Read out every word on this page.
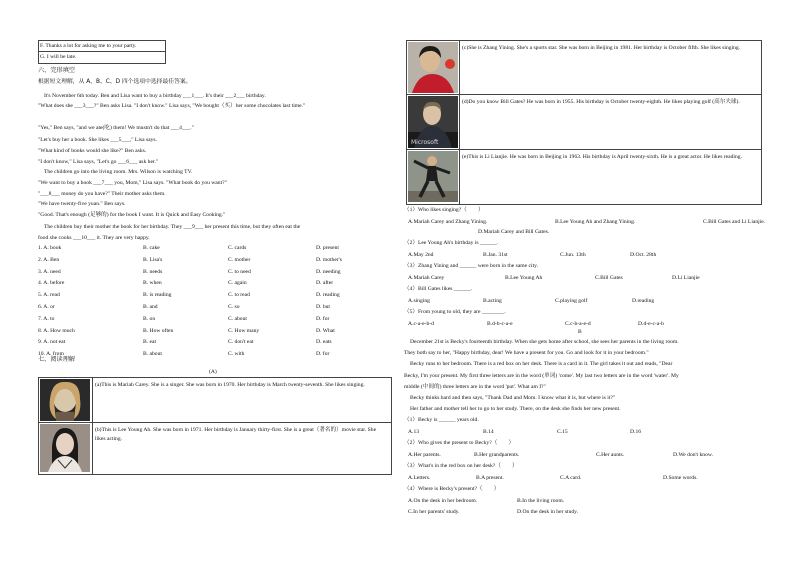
F. Thanks a lot for asking me to your party.
G. I will be late.
六、完形填空
根据短文理解，从 A、B、C、D 四个选项中选择最佳答案。
It's November 6th today. Ben and Lisa want to buy a birthday ___1___. It's their ___2___ birthday.
"What does she ___3___?" Ben asks Lisa. "I don't know." Lisa says, "We bought（买）her some chocolates last time."
"Yes," Ben says, "and we ate(吃) them! We mustn't do that ___4___."
"Let's buy her a book. She likes ___5___," Lisa says.
"What kind of books would she like?" Ben asks.
"I don't know," Lisa says, "Let's go ___6___ ask her."
The children go into the living room. Mrs. Wilson is watching TV.
"We want to buy a book ___7___ you, Mom," Lisa says. "What book do you want?"
"___8___ money do you have?" Their mother asks them.
"We have twenty-five yuan." Ben says.
"Good. That's enough (足够的) for the book I want. It is Quick and Easy Cooking."
The children buy their mother the book for her birthday. They ___9___ her present this time, but they often eat the
food she cooks ___10___ it. They are very happy.
1. A. book	B. cake	C. cards	D. present
2. A. Ben	B. Lisa's	C. mother	D. mother's
3. A. need	B. needs	C. to need	D. needing
4. A. before	B. when	C. again	D. after
5. A. read	B. is reading	C. to read	D. reading
6. A. or	B. and	C. so	D. but
7. A. to	B. on	C. about	D. for
8. A. How much	B. How often	C. How many	D. What
9. A. not eat	B. eat	C. don't eat	D. eats
10. A. from	B. about	C. with	D. for
七、阅读理解
(A)
(a)This is Mariah Carey. She is a singer. She was born in 1970. Her birthday is March twenty-seventh. She likes singing.
(b)This is Lee Young Ah. She was born in 1971. Her birthday is January thirty-first. She is a great（著名的）movie star. She likes acting.
Microsoft
(c)She is Zhang Yining. She's a sports star. She was born in Beijing in 1981. Her birthday is October fifth. She likes singing.
(d)Do you know Bill Gates? He was born in 1955. His birthday is October twenty-eighth. He likes playing golf (高尔夫球).
(e)This is Li Lianjie. He was born in Beijing in 1963. His birthday is April twenty-sixth. He is a great actor. He likes reading.
（1）Who likes singing?（　　）
A.Mariah Carey and Zhang Yining.	B.Lee Young Ah and Zhang Yining.	C.Bill Gates and Li Lianjie.
D.Mariah Carey and Bill Gates.
（2）Lee Young Ah's birthday is ______.
A.May 2nd	B.Jan. 31st	C.Jun. 13th	D.Oct. 28th
（3）Zhang Yining and ______ were born in the same city.
A.Mariah Carey	B.Lee Young Ah	C.Bill Gates	D.Li Lianjie
（4）Bill Gates likes ______.
A.singing	B.acting	C.playing golf	D.reading
（5）From young to old, they are ________.
A.c-a-e-b-d	B.d-b-c-a-e	C.c-b-a-e-d	D.d-e-c-a-b
B
December 21st is Becky's fourteenth birthday. When she gets home after school, she sees her parents in the living room.
They both say to her, "Happy birthday, dear! We have a present for you. Go and look for it in your bedroom."
Becky runs to her bedroom. There is a red box on her desk. There is a card in it. The girl takes it out and reads, "Dear
Becky, I'm your present. My first three letters are in the word (单词) 'come'. My last two letters are in the word 'water'. My
middle (中间的) three letters are in the word 'put'. What am I?"
Becky thinks hard and then says, "Thank Dad and Mom. I know what it is, but where is it?"
Her father and mother tell her to go to her study. There, on the desk she finds her new present.
（1）Becky is ______ years old.
A.13	B.14	C.15	D.16
（2）Who gives the present to Becky?（　　）
A.Her parents.	B.Her grandparents.	C.Her aunts.	D.We don't know.
（3）What's in the red box on her desk?（　　）
A.Letters.	B.A present.	C.A card.	D.Some words.
（4）Where is Becky's present?（　　）
A.On the desk in her bedroom.	B.In the living room.
C.In her parents' study.	D.On the desk in her study.
